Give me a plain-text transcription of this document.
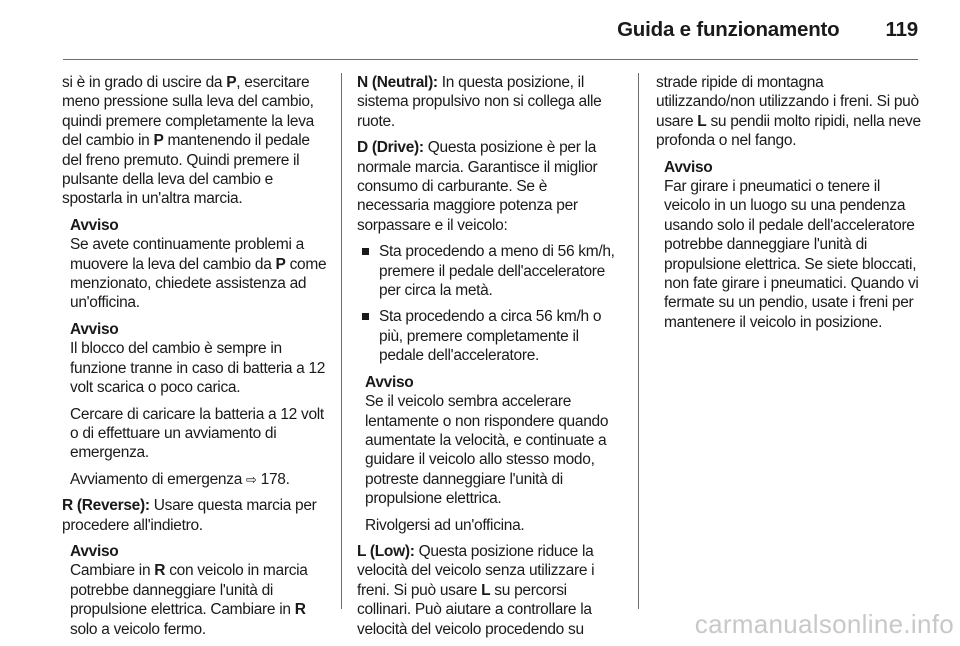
Guida e funzionamento 119

si è in grado di uscire da P, esercitare meno pressione sulla leva del cambio, quindi premere completamente la leva del cambio in P mantenendo il pedale del freno premuto. Quindi premere il pulsante della leva del cambio e spostarla in un'altra marcia.

Avviso

Se avete continuamente problemi a muovere la leva del cambio da P come menzionato, chiedete assistenza ad un'officina.

Avviso

Il blocco del cambio è sempre in funzione tranne in caso di batteria a 12 volt scarica o poco carica.

Cercare di caricare la batteria a 12 volt o di effettuare un avviamento di emergenza.

Avviamento di emergenza ⇨ 178.

R (Reverse): Usare questa marcia per procedere all'indietro.

Avviso

Cambiare in R con veicolo in marcia potrebbe danneggiare l'unità di propulsione elettrica. Cambiare in R solo a veicolo fermo.

N (Neutral): In questa posizione, il sistema propulsivo non si collega alle ruote.

D (Drive): Questa posizione è per la normale marcia. Garantisce il miglior consumo di carburante. Se è necessaria maggiore potenza per sorpassare e il veicolo:

Sta procedendo a meno di 56 km/h, premere il pedale dell'acceleratore per circa la metà.

Sta procedendo a circa 56 km/h o più, premere completamente il pedale dell'acceleratore.

Avviso

Se il veicolo sembra accelerare lentamente o non rispondere quando aumentate la velocità, e continuate a guidare il veicolo allo stesso modo, potreste danneggiare l'unità di propulsione elettrica.

Rivolgersi ad un'officina.

L (Low): Questa posizione riduce la velocità del veicolo senza utilizzare i freni. Si può usare L su percorsi collinari. Può aiutare a controllare la velocità del veicolo procedendo su

strade ripide di montagna utilizzando/non utilizzando i freni. Si può usare L su pendii molto ripidi, nella neve profonda o nel fango.

Avviso

Far girare i pneumatici o tenere il veicolo in un luogo su una pendenza usando solo il pedale dell'acceleratore potrebbe danneggiare l'unità di propulsione elettrica. Se siete bloccati, non fate girare i pneumatici. Quando vi fermate su un pendio, usate i freni per mantenere il veicolo in posizione.

carmanualsonline.info
